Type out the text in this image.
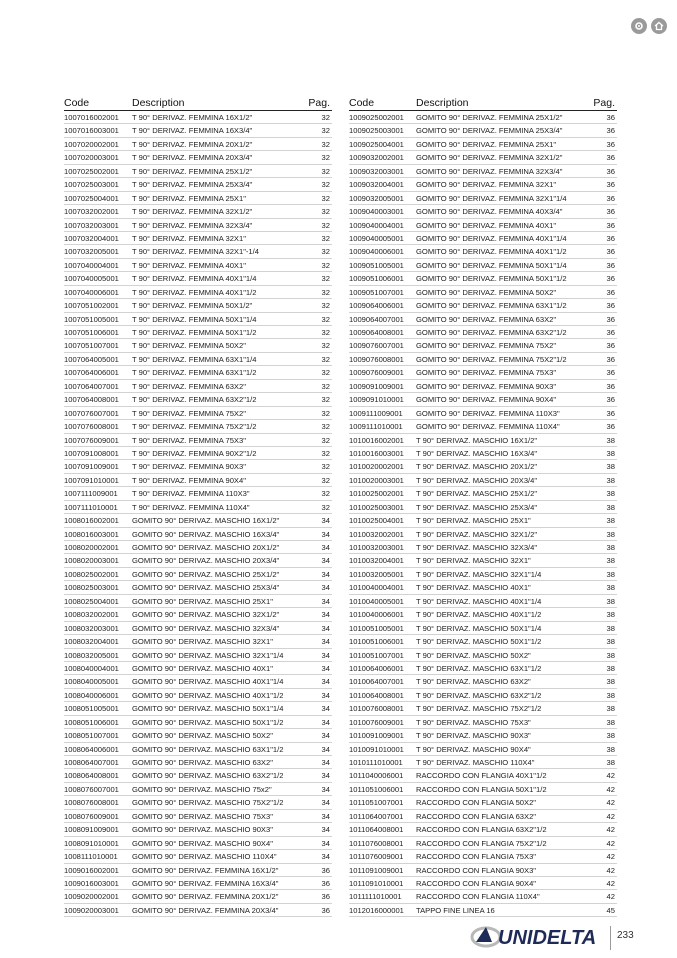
Code	Description	Pag.
1007016002001 T 90° DERIVAZ. FEMMINA 16X1/2"	32
1007016003001 T 90° DERIVAZ. FEMMINA 16X3/4"	32
1007020002001 T 90° DERIVAZ. FEMMINA 20X1/2"	32
1007020003001 T 90° DERIVAZ. FEMMINA 20X3/4"	32
1007025002001 T 90° DERIVAZ. FEMMINA 25X1/2"	32
1007025003001 T 90° DERIVAZ. FEMMINA 25X3/4"	32
1007025004001 T 90° DERIVAZ. FEMMINA 25X1"	32
1007032002001 T 90° DERIVAZ. FEMMINA 32X1/2"	32
1007032003001 T 90° DERIVAZ. FEMMINA 32X3/4"	32
1007032004001 T 90° DERIVAZ. FEMMINA 32X1"	32
1007032005001 T 90° DERIVAZ. FEMMINA 32X1"-1/4	32
1007040004001 T 90° DERIVAZ. FEMMINA 40X1"	32
1007040005001 T 90° DERIVAZ. FEMMINA 40X1"1/4	32
1007040006001 T 90° DERIVAZ. FEMMINA 40X1"1/2	32
1007051002001 T 90° DERIVAZ. FEMMINA 50X1/2"	32
1007051005001 T 90° DERIVAZ. FEMMINA 50X1"1/4	32
1007051006001 T 90° DERIVAZ. FEMMINA 50X1"1/2	32
1007051007001 T 90° DERIVAZ. FEMMINA 50X2"	32
1007064005001 T 90° DERIVAZ. FEMMINA 63X1"1/4	32
1007064006001 T 90° DERIVAZ. FEMMINA 63X1"1/2	32
1007064007001 T 90° DERIVAZ. FEMMINA 63X2"	32
1007064008001 T 90° DERIVAZ. FEMMINA 63X2"1/2	32
1007076007001 T 90° DERIVAZ. FEMMINA 75X2"	32
1007076008001 T 90° DERIVAZ. FEMMINA 75X2"1/2	32
1007076009001 T 90° DERIVAZ. FEMMINA 75X3"	32
1007091008001 T 90° DERIVAZ. FEMMINA 90X2"1/2	32
1007091009001 T 90° DERIVAZ. FEMMINA 90X3"	32
1007091010001 T 90° DERIVAZ. FEMMINA 90X4"	32
1007111009001 T 90° DERIVAZ. FEMMINA 110X3"	32
1007111010001 T 90° DERIVAZ. FEMMINA 110X4"	32
1008016002001 GOMITO 90° DERIVAZ. MASCHIO 16X1/2"	34
1008016003001 GOMITO 90° DERIVAZ. MASCHIO 16X3/4"	34
1008020002001 GOMITO 90° DERIVAZ. MASCHIO 20X1/2"	34
1008020003001 GOMITO 90° DERIVAZ. MASCHIO 20X3/4"	34
1008025002001 GOMITO 90° DERIVAZ. MASCHIO 25X1/2"	34
1008025003001 GOMITO 90° DERIVAZ. MASCHIO 25X3/4"	34
1008025004001 GOMITO 90° DERIVAZ. MASCHIO 25X1"	34
1008032002001 GOMITO 90° DERIVAZ. MASCHIO 32X1/2"	34
1008032003001 GOMITO 90° DERIVAZ. MASCHIO 32X3/4"	34
1008032004001 GOMITO 90° DERIVAZ. MASCHIO 32X1"	34
1008032005001 GOMITO 90° DERIVAZ. MASCHIO 32X1"1/4	34
1008040004001 GOMITO 90° DERIVAZ. MASCHIO 40X1"	34
1008040005001 GOMITO 90° DERIVAZ. MASCHIO 40X1"1/4	34
1008040006001 GOMITO 90° DERIVAZ. MASCHIO 40X1"1/2	34
1008051005001 GOMITO 90° DERIVAZ. MASCHIO 50X1"1/4	34
1008051006001 GOMITO 90° DERIVAZ. MASCHIO 50X1"1/2	34
1008051007001 GOMITO 90° DERIVAZ. MASCHIO 50X2"	34
1008064006001 GOMITO 90° DERIVAZ. MASCHIO 63X1"1/2	34
1008064007001 GOMITO 90° DERIVAZ. MASCHIO 63X2"	34
1008064008001 GOMITO 90° DERIVAZ. MASCHIO 63X2"1/2	34
1008076007001 GOMITO 90° DERIVAZ. MASCHIO 75x2"	34
1008076008001 GOMITO 90° DERIVAZ. MASCHIO 75X2"1/2	34
1008076009001 GOMITO 90° DERIVAZ. MASCHIO 75X3"	34
1008091009001 GOMITO 90° DERIVAZ. MASCHIO 90X3"	34
1008091010001 GOMITO 90° DERIVAZ. MASCHIO 90X4"	34
1008111010001 GOMITO 90° DERIVAZ. MASCHIO 110X4"	34
1009016002001 GOMITO 90° DERIVAZ. FEMMINA 16X1/2"	36
1009016003001 GOMITO 90° DERIVAZ. FEMMINA 16X3/4"	36
1009020002001 GOMITO 90° DERIVAZ. FEMMINA 20X1/2"	36
1009020003001 GOMITO 90° DERIVAZ. FEMMINA 20X3/4"	36
Code	Description	Pag.
1009025002001 GOMITO 90° DERIVAZ. FEMMINA 25X1/2"	36
1009025003001 GOMITO 90° DERIVAZ. FEMMINA 25X3/4"	36
1009025004001 GOMITO 90° DERIVAZ. FEMMINA 25X1"	36
1009032002001 GOMITO 90° DERIVAZ. FEMMINA 32X1/2"	36
1009032003001 GOMITO 90° DERIVAZ. FEMMINA 32X3/4"	36
1009032004001 GOMITO 90° DERIVAZ. FEMMINA 32X1"	36
1009032005001 GOMITO 90° DERIVAZ. FEMMINA 32X1"1/4	36
1009040003001 GOMITO 90° DERIVAZ. FEMMINA 40X3/4"	36
1009040004001 GOMITO 90° DERIVAZ. FEMMINA 40X1"	36
1009040005001 GOMITO 90° DERIVAZ. FEMMINA 40X1"1/4	36
1009040006001 GOMITO 90° DERIVAZ. FEMMINA 40X1"1/2	36
1009051005001 GOMITO 90° DERIVAZ. FEMMINA 50X1"1/4	36
1009051006001 GOMITO 90° DERIVAZ. FEMMINA 50X1"1/2	36
1009051007001 GOMITO 90° DERIVAZ. FEMMINA 50X2"	36
1009064006001 GOMITO 90° DERIVAZ. FEMMINA 63X1"1/2	36
1009064007001 GOMITO 90° DERIVAZ. FEMMINA 63X2"	36
1009064008001 GOMITO 90° DERIVAZ. FEMMINA 63X2"1/2	36
1009076007001 GOMITO 90° DERIVAZ. FEMMINA 75X2"	36
1009076008001 GOMITO 90° DERIVAZ. FEMMINA 75X2"1/2	36
1009076009001 GOMITO 90° DERIVAZ. FEMMINA 75X3"	36
1009091009001 GOMITO 90° DERIVAZ. FEMMINA 90X3"	36
1009091010001 GOMITO 90° DERIVAZ. FEMMINA 90X4"	36
1009111009001 GOMITO 90° DERIVAZ. FEMMINA 110X3"	36
1009111010001 GOMITO 90° DERIVAZ. FEMMINA 110X4"	36
1010016002001 T 90° DERIVAZ. MASCHIO 16X1/2"	38
1010016003001 T 90° DERIVAZ. MASCHIO 16X3/4"	38
1010020002001 T 90° DERIVAZ. MASCHIO 20X1/2"	38
1010020003001 T 90° DERIVAZ. MASCHIO 20X3/4"	38
1010025002001 T 90° DERIVAZ. MASCHIO 25X1/2"	38
1010025003001 T 90° DERIVAZ. MASCHIO 25X3/4"	38
1010025004001 T 90° DERIVAZ. MASCHIO 25X1"	38
1010032002001 T 90° DERIVAZ. MASCHIO 32X1/2"	38
1010032003001 T 90° DERIVAZ. MASCHIO 32X3/4"	38
1010032004001 T 90° DERIVAZ. MASCHIO 32X1"	38
1010032005001 T 90° DERIVAZ. MASCHIO 32X1"1/4	38
1010040004001 T 90° DERIVAZ. MASCHIO 40X1"	38
1010040005001 T 90° DERIVAZ. MASCHIO 40X1"1/4	38
1010040006001 T 90° DERIVAZ. MASCHIO 40X1"1/2	38
1010051005001 T 90° DERIVAZ. MASCHIO 50X1"1/4	38
1010051006001 T 90° DERIVAZ. MASCHIO 50X1"1/2	38
1010051007001 T 90° DERIVAZ. MASCHIO 50X2"	38
1010064006001 T 90° DERIVAZ. MASCHIO 63X1"1/2	38
1010064007001 T 90° DERIVAZ. MASCHIO 63X2"	38
1010064008001 T 90° DERIVAZ. MASCHIO 63X2"1/2	38
1010076008001 T 90° DERIVAZ. MASCHIO 75X2"1/2	38
1010076009001 T 90° DERIVAZ. MASCHIO 75X3"	38
1010091009001 T 90° DERIVAZ. MASCHIO 90X3"	38
1010091010001 T 90° DERIVAZ. MASCHIO 90X4"	38
1010111010001 T 90° DERIVAZ. MASCHIO 110X4"	38
1011040006001 RACCORDO CON FLANGIA 40X1"1/2	42
1011051006001 RACCORDO CON FLANGIA 50X1"1/2	42
1011051007001 RACCORDO CON FLANGIA 50X2"	42
1011064007001 RACCORDO CON FLANGIA 63X2"	42
1011064008001 RACCORDO CON FLANGIA 63X2"1/2	42
1011076008001 RACCORDO CON FLANGIA 75X2"1/2	42
1011076009001 RACCORDO CON FLANGIA 75X3"	42
1011091009001 RACCORDO CON FLANGIA 90X3"	42
1011091010001 RACCORDO CON FLANGIA 90X4"	42
1011111010001 RACCORDO CON FLANGIA 110X4"	42
1012016000001 TAPPO FINE LINEA 16	45
UNIDELTA 233
